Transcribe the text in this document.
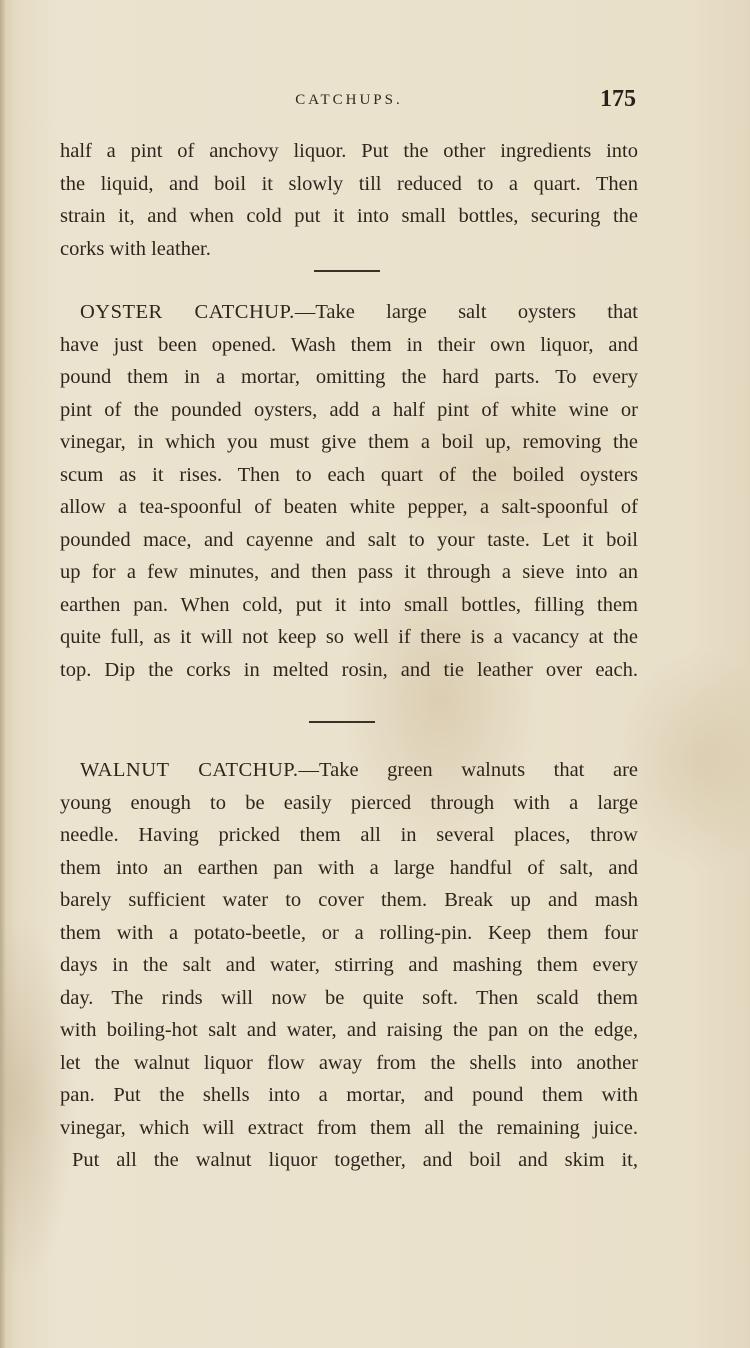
CATCHUPS.	175
half a pint of anchovy liquor. Put the other ingredients into
the liquid, and boil it slowly till reduced to a quart. Then
strain it, and when cold put it into small bottles, securing the
corks with leather.
OYSTER CATCHUP.—Take large salt oysters that
have just been opened. Wash them in their own liquor, and
pound them in a mortar, omitting the hard parts. To every
pint of the pounded oysters, add a half pint of white wine or
vinegar, in which you must give them a boil up, removing the
scum as it rises. Then to each quart of the boiled oysters
allow a tea-spoonful of beaten white pepper, a salt-spoonful of
pounded mace, and cayenne and salt to your taste. Let it boil
up for a few minutes, and then pass it through a sieve into an
earthen pan. When cold, put it into small bottles, filling them
quite full, as it will not keep so well if there is a vacancy at the
top. Dip the corks in melted rosin, and tie leather over each.
WALNUT CATCHUP.—Take green walnuts that are
young enough to be easily pierced through with a large
needle. Having pricked them all in several places, throw
them into an earthen pan with a large handful of salt, and
barely sufficient water to cover them. Break up and mash
them with a potato-beetle, or a rolling-pin. Keep them four
days in the salt and water, stirring and mashing them every
day. The rinds will now be quite soft. Then scald them
with boiling-hot salt and water, and raising the pan on the edge,
let the walnut liquor flow away from the shells into another
pan. Put the shells into a mortar, and pound them with
vinegar, which will extract from them all the remaining juice.
Put all the walnut liquor together, and boil and skim it,
